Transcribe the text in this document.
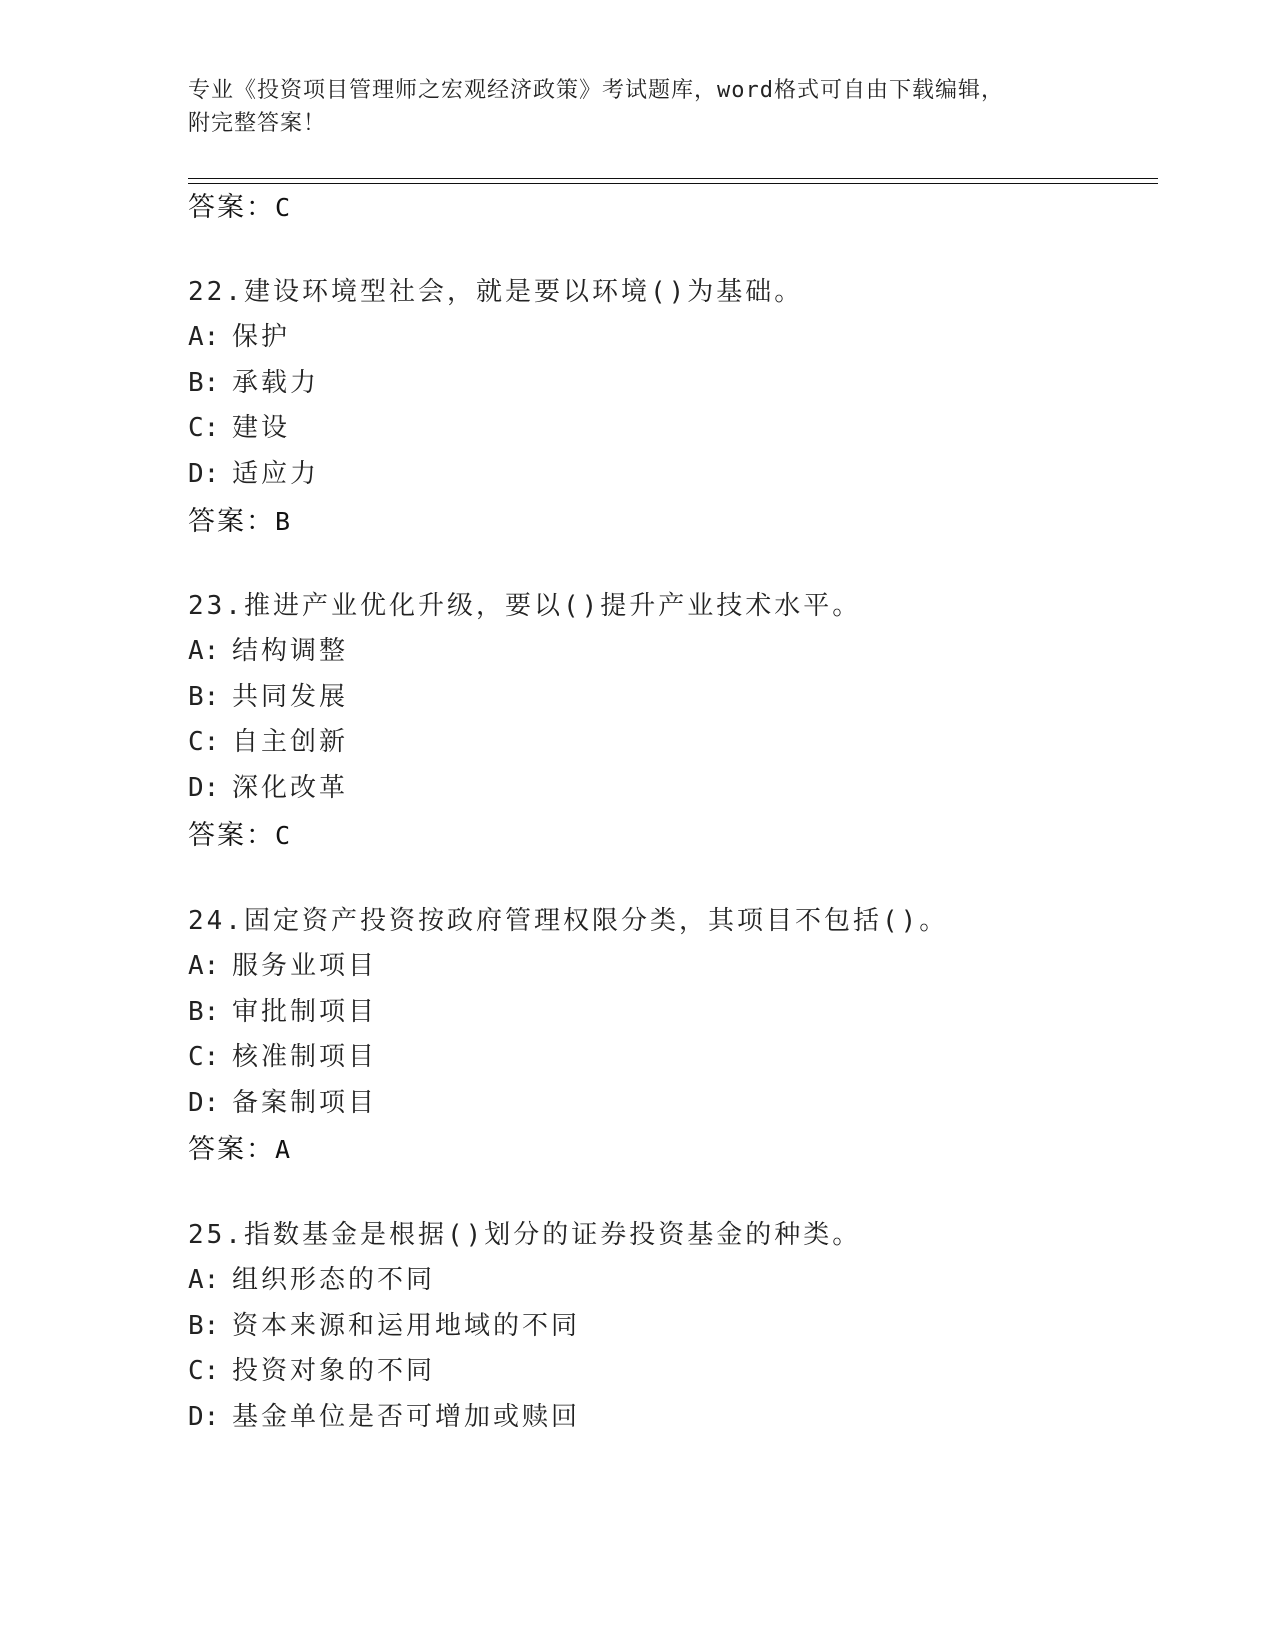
专业《投资项目管理师之宏观经济政策》考试题库，word格式可自由下载编辑，
附完整答案！
答案：C
22.建设环境型社会，就是要以环境()为基础。
A: 保护
B: 承载力
C: 建设
D: 适应力
答案：B
23.推进产业优化升级，要以()提升产业技术水平。
A: 结构调整
B: 共同发展
C: 自主创新
D: 深化改革
答案：C
24.固定资产投资按政府管理权限分类，其项目不包括()。
A: 服务业项目
B: 审批制项目
C: 核准制项目
D: 备案制项目
答案：A
25.指数基金是根据()划分的证券投资基金的种类。
A: 组织形态的不同
B: 资本来源和运用地域的不同
C: 投资对象的不同
D: 基金单位是否可增加或赎回
